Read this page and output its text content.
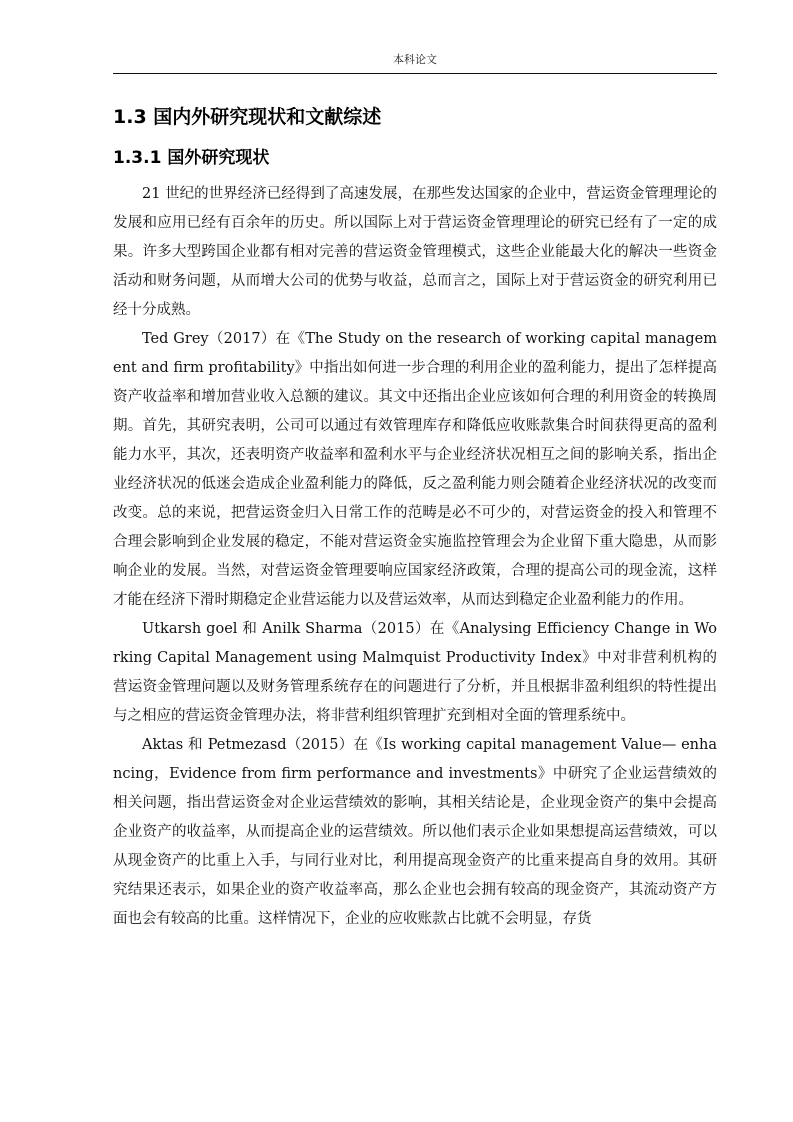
本科论文
1.3 国内外研究现状和文献综述
1.3.1 国外研究现状

21 世纪的世界经济已经得到了高速发展，在那些发达国家的企业中，营运资金管理理论的发展和应用已经有百余年的历史。所以国际上对于营运资金管理理论的研究已经有了一定的成果。许多大型跨国企业都有相对完善的营运资金管理模式，这些企业能最大化的解决一些资金活动和财务问题，从而增大公司的优势与收益，总而言之，国际上对于营运资金的研究利用已经十分成熟。

Ted Grey（2017）在《The Study on the research of working capital management and firm profitability》中指出如何进一步合理的利用企业的盈利能力，提出了怎样提高资产收益率和增加营业收入总额的建议。其文中还指出企业应该如何合理的利用资金的转换周期。首先，其研究表明，公司可以通过有效管理库存和降低应收账款集合时间获得更高的盈利能力水平，其次，还表明资产收益率和盈利水平与企业经济状况相互之间的影响关系，指出企业经济状况的低迷会造成企业盈利能力的降低，反之盈利能力则会随着企业经济状况的改变而改变。总的来说，把营运资金归入日常工作的范畴是必不可少的，对营运资金的投入和管理不合理会影响到企业发展的稳定，不能对营运资金实施监控管理会为企业留下重大隐患，从而影响企业的发展。当然，对营运资金管理要响应国家经济政策，合理的提高公司的现金流，这样才能在经济下滑时期稳定企业营运能力以及营运效率，从而达到稳定企业盈利能力的作用。

Utkarsh goel 和 Anilk Sharma（2015）在《Analysing Efficiency Change in Working Capital Management using Malmquist Productivity Index》中对非营利机构的营运资金管理问题以及财务管理系统存在的问题进行了分析，并且根据非盈利组织的特性提出与之相应的营运资金管理办法，将非营利组织管理扩充到相对全面的管理系统中。

Aktas 和 Petmezasd（2015）在《Is working capital management Value— enhancing，Evidence from firm performance and investments》中研究了企业运营绩效的相关问题，指出营运资金对企业运营绩效的影响，其相关结论是，企业现金资产的集中会提高企业资产的收益率，从而提高企业的运营绩效。所以他们表示企业如果想提高运营绩效，可以从现金资产的比重上入手，与同行业对比，利用提高现金资产的比重来提高自身的效用。其研究结果还表示，如果企业的资产收益率高，那么企业也会拥有较高的现金资产，其流动资产方面也会有较高的比重。这样情况下，企业的应收账款占比就不会明显，存货
